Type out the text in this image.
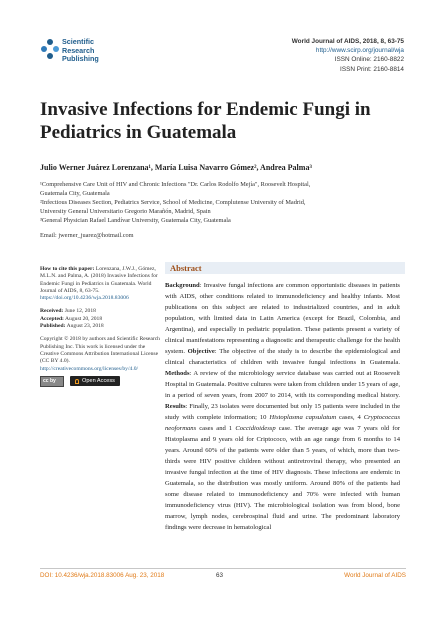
Scientific
Research
Publishing
World Journal of AIDS, 2018, 8, 63-75
http://www.scirp.org/journal/wja
ISSN Online: 2160-8822
ISSN Print: 2160-8814
Invasive Infections for Endemic Fungi in
Pediatrics in Guatemala
Julio Werner Juárez Lorenzana¹, María Luisa Navarro Gómez², Andrea Palma³
¹Comprehensive Care Unit of HIV and Chronic Infections "Dr. Carlos Rodolfo Mejía", Roosevelt Hospital,
Guatemala City, Guatemala
²Infectious Diseases Section, Pediatrics Service, School of Medicine, Complutense University of Madrid,
University General Universitario Gregorio Marañón, Madrid, Spain
³General Physician Rafael Landívar University, Guatemala City, Guatemala
Email: jwerner_juarez@hotmail.com
How to cite this paper: Lorenzana, J.W.J., Gómez, M.L.N. and Palma, A. (2018) Invasive Infections for Endemic Fungi in Pediatrics in Guatemala. World Journal of AIDS, 8, 63-75.
https://doi.org/10.4236/wja.2018.83006
Received: June 12, 2018
Accepted: August 20, 2018
Published: August 23, 2018
Copyright © 2018 by authors and Scientific Research Publishing Inc. This work is licensed under the Creative Commons Attribution International License (CC BY 4.0).
http://creativecommons.org/licenses/by/4.0/
cc by	Open Access
Abstract
Background: Invasive fungal infections are common opportunistic diseases in patients with AIDS, other conditions related to immunodeficiency and healthy infants. Most publications on this subject are related to industrialized countries, and in adult population, with limited data in Latin America (except for Brazil, Colombia, and Argentina), and especially in pediatric population. These patients present a variety of clinical manifestations representing a diagnostic and therapeutic challenge for the health system. Objective: The objective of the study is to describe the epidemiological and clinical characteristics of children with invasive fungal infections in Guatemala. Methods: A review of the microbiology service database was carried out at Roosevelt Hospital in Guatemala. Positive cultures were taken from children under 15 years of age, in a period of seven years, from 2007 to 2014, with its corresponding medical history. Results: Finally, 23 isolates were documented but only 15 patients were included in the study with complete information; 10 Histoplasma capsulatum cases, 4 Cryptococcus neoformans cases and 1 Coccidioidessp case. The average age was 7 years old for Histoplasma and 9 years old for Criptococo, with an age range from 6 months to 14 years. Around 60% of the patients were older than 5 years, of which, more than two-thirds were HIV positive children without antiretroviral therapy, who presented an invasive fungal infection at the time of HIV diagnosis. These infections are endemic in Guatemala, so the distribution was mostly uniform. Around 80% of the patients had some disease related to immunodeficiency and 70% were infected with human immunodeficiency virus (HIV). The microbiological isolation was from blood, bone marrow, lymph nodes, cerebrospinal fluid and urine. The predominant laboratory findings were decrease in hematological
DOI: 10.4236/wja.2018.83006 Aug. 23, 2018	63	World Journal of AIDS
